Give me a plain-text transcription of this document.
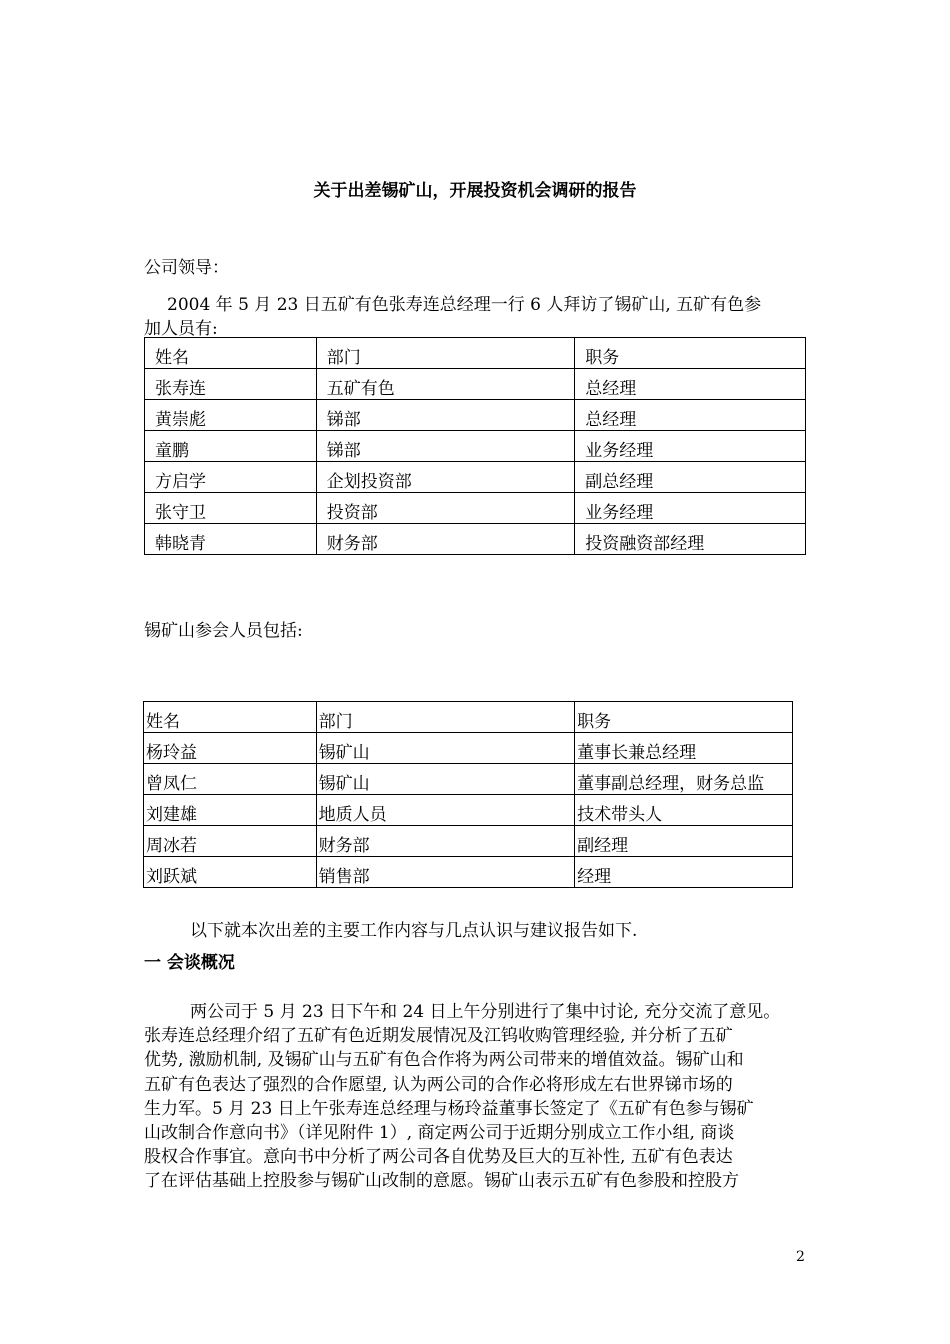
关于出差锡矿山，开展投资机会调研的报告
公司领导：
2004 年 5 月 23 日五矿有色张寿连总经理一行 6 人拜访了锡矿山, 五矿有色参
加人员有:
姓名	部门	职务
张寿连	五矿有色	总经理
黄崇彪	锑部	总经理
童鹏	锑部	业务经理
方启学	企划投资部	副总经理
张守卫	投资部	业务经理
韩晓青	财务部	投资融资部经理
锡矿山参会人员包括:
姓名	部门	职务
杨玲益	锡矿山	董事长兼总经理
曾凤仁	锡矿山	董事副总经理，财务总监
刘建雄	地质人员	技术带头人
周冰若	财务部	副经理
刘跃斌	销售部	经理
以下就本次出差的主要工作内容与几点认识与建议报告如下.
一 会谈概况
两公司于 5 月 23 日下午和 24 日上午分别进行了集中讨论, 充分交流了意见。
张寿连总经理介绍了五矿有色近期发展情况及江钨收购管理经验, 并分析了五矿
优势, 激励机制, 及锡矿山与五矿有色合作将为两公司带来的增值效益。锡矿山和
五矿有色表达了强烈的合作愿望, 认为两公司的合作必将形成左右世界锑市场的
生力军。5 月 23 日上午张寿连总经理与杨玲益董事长签定了《五矿有色参与锡矿
山改制合作意向书》（详见附件 1）, 商定两公司于近期分别成立工作小组, 商谈
股权合作事宜。意向书中分析了两公司各自优势及巨大的互补性, 五矿有色表达
了在评估基础上控股参与锡矿山改制的意愿。锡矿山表示五矿有色参股和控股方
2
